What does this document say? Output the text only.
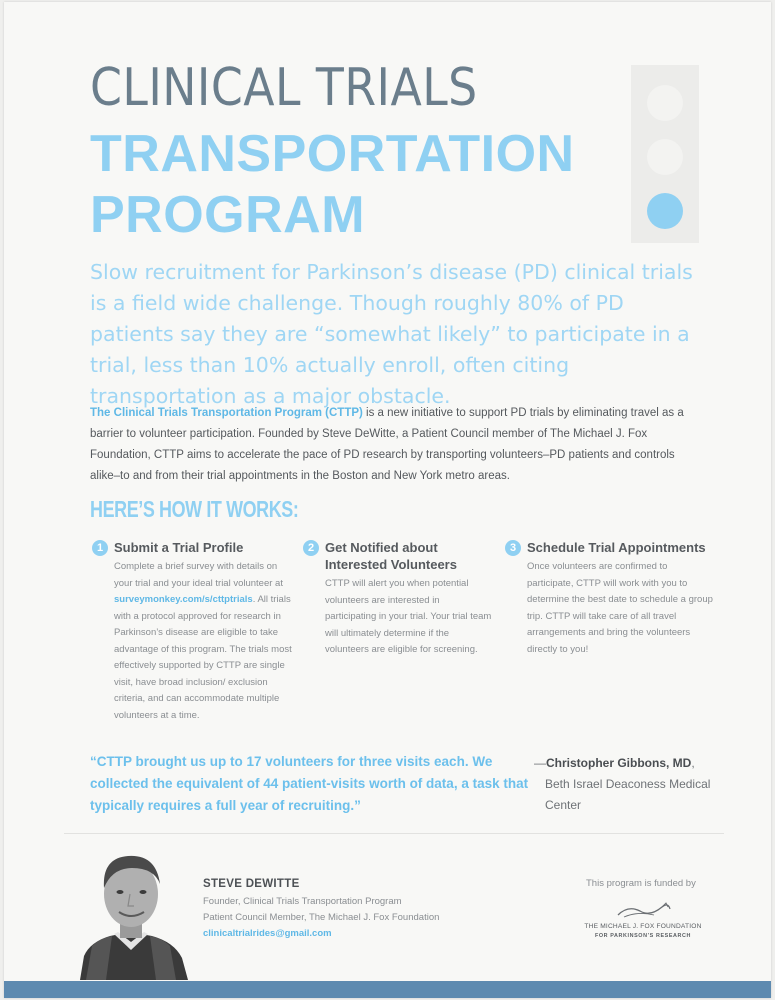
CLINICAL TRIALS
TRANSPORTATION
PROGRAM

Slow recruitment for Parkinson’s disease (PD) clinical trials is a field wide challenge. Though roughly 80% of PD patients say they are “somewhat likely” to participate in a trial, less than 10% actually enroll, often citing transportation as a major obstacle.

The Clinical Trials Transportation Program (CTTP) is a new initiative to support PD trials by eliminating travel as a barrier to volunteer participation. Founded by Steve DeWitte, a Patient Council member of The Michael J. Fox Foundation, CTTP aims to accelerate the pace of PD research by transporting volunteers–PD patients and controls alike–to and from their trial appointments in the Boston and New York metro areas.

HERE’S HOW IT WORKS:
1 Submit a Trial Profile

Complete a brief survey with details on your trial and your ideal trial volunteer at surveymonkey.com/s/cttptrials. All trials with a protocol approved for research in Parkinson’s disease are eligible to take advantage of this program. The trials most effectively supported by CTTP are single visit, have broad inclusion/ exclusion criteria, and can accommodate multiple volunteers at a time.

2 Get Notified about Interested Volunteers

CTTP will alert you when potential volunteers are interested in participating in your trial. Your trial team will ultimately determine if the volunteers are eligible for screening.

3 Schedule Trial Appointments

Once volunteers are confirmed to participate, CTTP will work with you to determine the best date to schedule a group trip. CTTP will take care of all travel arrangements and bring the volunteers directly to you!

“CTTP brought us up to 17 volunteers for three visits each. We collected the equivalent of 44 patient-visits worth of data, a task that typically requires a full year of recruiting.”

—Christopher Gibbons, MD,
Beth Israel Deaconess Medical Center

STEVE DEWITTE

Founder, Clinical Trials Transportation Program

Patient Council Member, The Michael J. Fox Foundation

clinicaltrialrides@gmail.com

This program is funded by
THE MICHAEL J. FOX FOUNDATION
FOR PARKINSON’S RESEARCH
